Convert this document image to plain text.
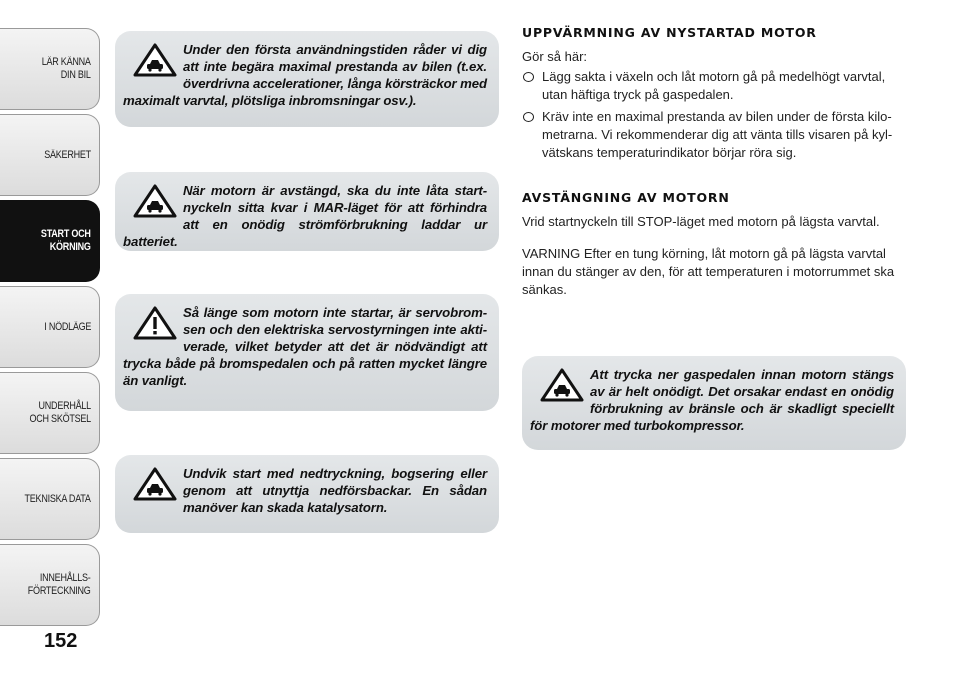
LÄR KÄNNA
DIN BIL
SÄKERHET
START OCH
KÖRNING
I NÖDLÄGE
UNDERHÅLL
OCH SKÖTSEL
TEKNISKA DATA
INNEHÅLLS-
FÖRTECKNING
152

Under den första användningstiden råder vi dig att inte begära maximal prestanda av bilen (t.ex. överdrivna accelerationer, långa körsträckor med maximalt varvtal, plötsliga inbromsningar osv.).

När motorn är avstängd, ska du inte låta start- nyckeln sitta kvar i MAR-läget för att förhindra att en onödig strömförbrukning laddar ur batteriet.

Så länge som motorn inte startar, är servobrom- sen och den elektriska servostyrningen inte akti- verade, vilket betyder att det är nödvändigt att trycka både på bromspedalen och på ratten mycket längre än vanligt.

Undvik start med nedtryckning, bogsering eller genom att utnyttja nedförsbackar. En sådan manöver kan skada katalysatorn.

UPPVÄRMNING AV NYSTARTAD MOTOR
Gör så här:
Lägg sakta i växeln och låt motorn gå på medelhögt varvtal, utan häftiga tryck på gaspedalen.
Kräv inte en maximal prestanda av bilen under de första kilo- metrarna. Vi rekommenderar dig att vänta tills visaren på kyl- vätskans temperaturindikator börjar röra sig.
AVSTÄNGNING AV MOTORN
Vrid startnyckeln till STOP-läget med motorn på lägsta varvtal.
VARNING Efter en tung körning, låt motorn gå på lägsta varvtal innan du stänger av den, för att temperaturen i motorrummet ska sänkas.

Att trycka ner gaspedalen innan motorn stängs av är helt onödigt. Det orsakar endast en onödig förbrukning av bränsle och är skadligt speciellt för motorer med turbokompressor.
